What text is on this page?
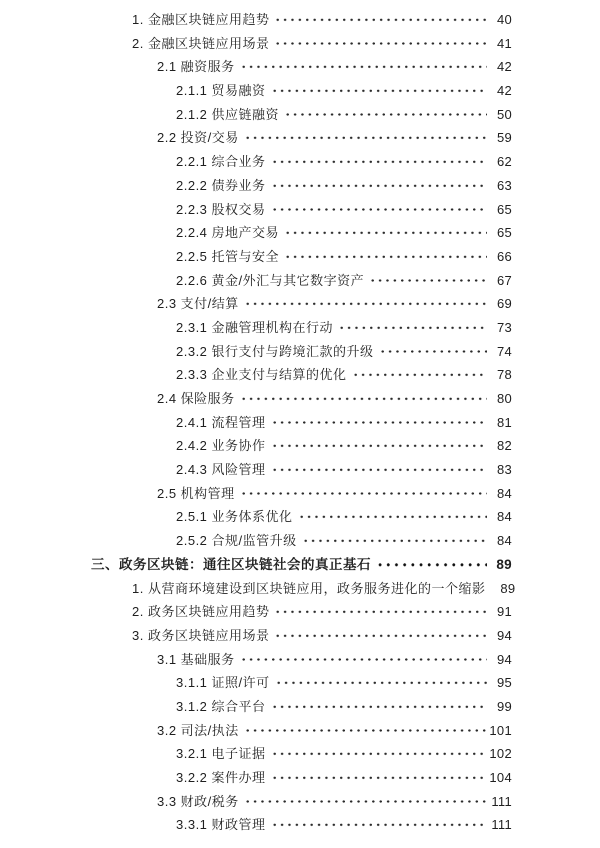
1. 金融区块链应用趋势	40
2. 金融区块链应用场景	41
2.1 融资服务	42
2.1.1 贸易融资	42
2.1.2 供应链融资	50
2.2 投资/交易	59
2.2.1 综合业务	62
2.2.2 债券业务	63
2.2.3 股权交易	65
2.2.4 房地产交易	65
2.2.5 托管与安全	66
2.2.6 黄金/外汇与其它数字资产	67
2.3 支付/结算	69
2.3.1 金融管理机构在行动	73
2.3.2 银行支付与跨境汇款的升级	74
2.3.3 企业支付与结算的优化	78
2.4 保险服务	80
2.4.1 流程管理	81
2.4.2 业务协作	82
2.4.3 风险管理	83
2.5 机构管理	84
2.5.1 业务体系优化	84
2.5.2 合规/监管升级	84
三、政务区块链：通往区块链社会的真正基石	89
1. 从营商环境建设到区块链应用，政务服务进化的一个缩影	89
2. 政务区块链应用趋势	91
3. 政务区块链应用场景	94
3.1 基础服务	94
3.1.1 证照/许可	95
3.1.2 综合平台	99
3.2 司法/执法	101
3.2.1 电子证据	102
3.2.2 案件办理	104
3.3 财政/税务	111
3.3.1 财政管理	111
